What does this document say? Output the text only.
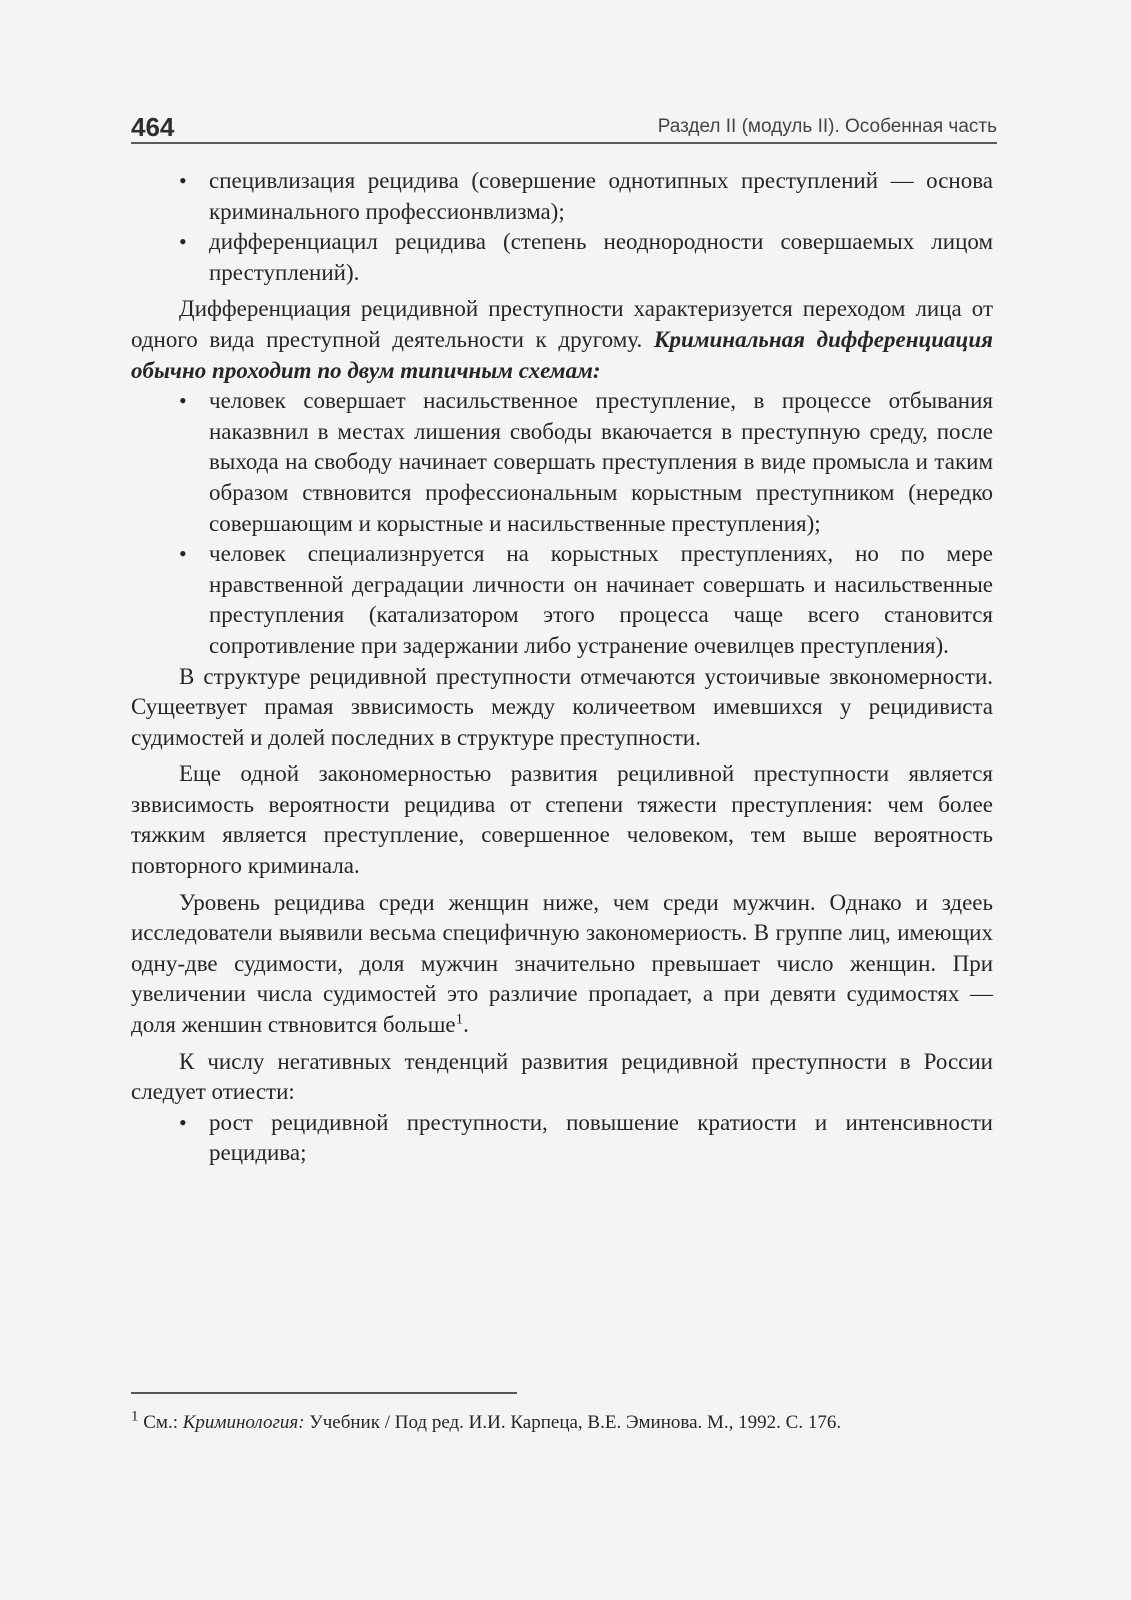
464	Раздел II (модуль II). Особенная часть
• специвлизация рецидива (совершение однотипных преступлений — основа криминального профессионвлизма);
• дифференциацил рецидива (степень неоднородности совершаемых лицом преступлений).
Дифференциация рецидивной преступности характеризуется переходом лица от одного вида преступной деятельности к другому. Криминальная дифференциация обычно проходит по двум типичным схемам:
• человек совершает насильственное преступление, в процессе отбывания наказвнил в местах лишения свободы вкаючается в преступную среду, после выхода на свободу начинает совершать преступления в виде промысла и таким образом ствновится профессиональным корыстным преступником (нередко совершающим и корыстные и насильственные преступления);
• человек специализнруется на корыстных преступлениях, но по мере нравственной деградации личности он начинает совершать и насильственные преступления (катализатором этого процесса чаще всего становится сопротивление при задержании либо устранение очевилцев преступления).
В структуре рецидивной преступности отмечаются устоичивые звкономерности. Сущеетвует прамая зввисимость между количеетвом имевшихся у рецидивиста судимостей и долей последних в структуре преступности.
Еще одной закономерностью развития рециливной преступности является зввисимость вероятности рецидива от степени тяжести преступления: чем более тяжким является преступление, совершенное человеком, тем выше вероятность повторного криминала.
Уровень рецидива среди женщин ниже, чем среди мужчин. Однако и здееь исследователи выявили весьма специфичную закономериость. В группе лиц, имеющих одну-две судимости, доля мужчин значительно превышает число женщин. При увеличении числа судимостей это различие пропадает, а при девяти судимостях — доля женшин ствновится больше$^1$.
К числу негативных тенденций развития рецидивной преступности в России следует отиести:
• рост рецидивной преступности, повышение кратиости и интенсивности рецидива;
$^1$ См.: Криминология: Учебник / Под ред. И.И. Карпеца, В.Е. Эминова. М., 1992. С. 176.
